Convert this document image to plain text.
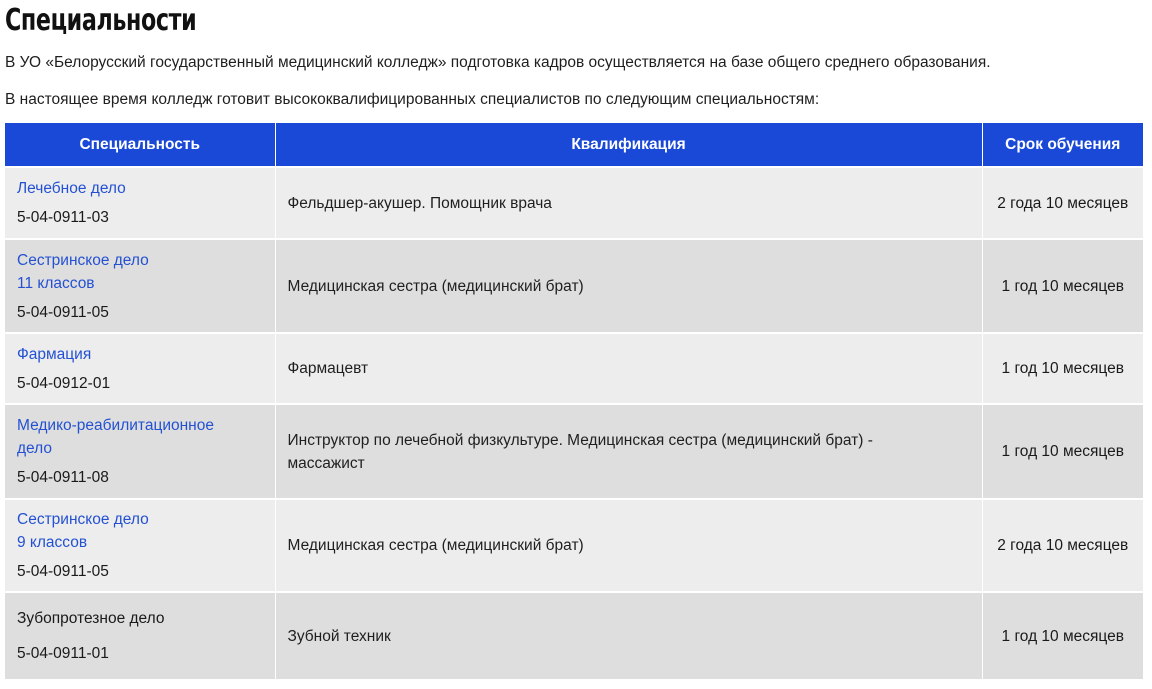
Специальности

В УО «Белорусский государственный медицинский колледж» подготовка кадров осуществляется на базе общего среднего образования.

В настоящее время колледж готовит высококвалифицированных специалистов по следующим специальностям:

Специальность	Квалификация	Срок обучения

Лечебное дело
5-04-0911-03	Фельдшер-акушер. Помощник врача	2 года 10 месяцев

Сестринское дело
11 классов
5-04-0911-05	Медицинская сестра (медицинский брат)	1 год 10 месяцев

Фармация
5-04-0912-01	Фармацевт	1 год 10 месяцев

Медико-реабилитационное дело
5-04-0911-08	Инструктор по лечебной физкультуре. Медицинская сестра (медицинский брат) - массажист	1 год 10 месяцев

Сестринское дело
9 классов
5-04-0911-05	Медицинская сестра (медицинский брат)	2 года 10 месяцев

Зубопротезное дело
5-04-0911-01	Зубной техник	1 год 10 месяцев
